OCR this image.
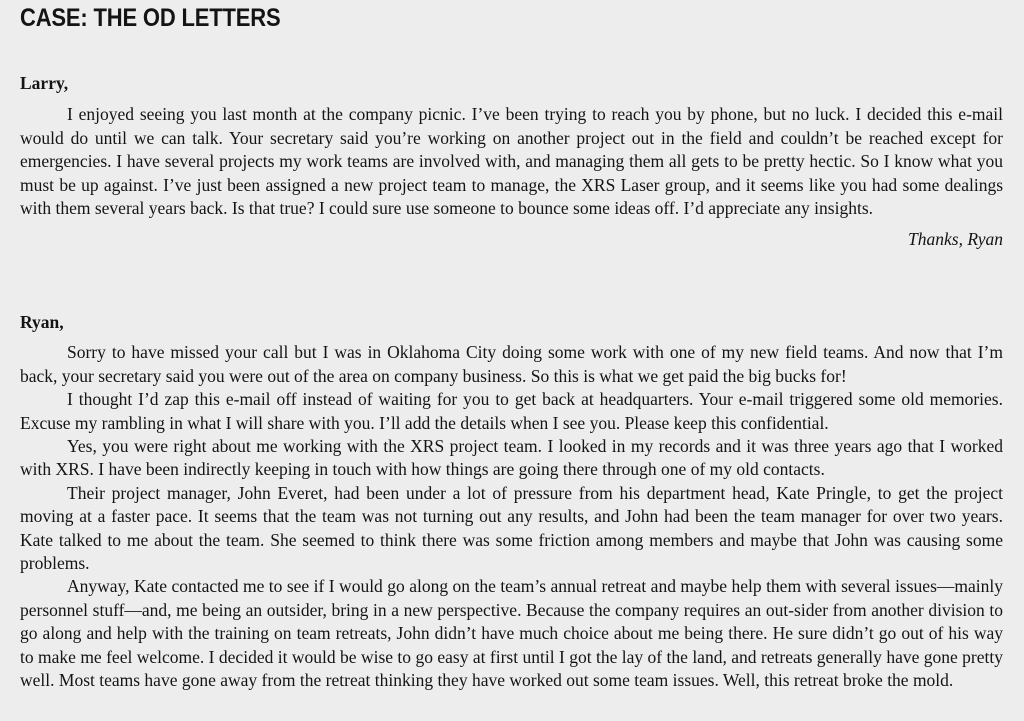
CASE: THE OD LETTERS

Larry,

I enjoyed seeing you last month at the company picnic. I’ve been trying to reach you by phone, but no luck. I decided this e-mail would do until we can talk. Your secretary said you’re working on another project out in the field and couldn’t be reached except for emergencies. I have several projects my work teams are involved with, and managing them all gets to be pretty hectic. So I know what you must be up against. I’ve just been assigned a new project team to manage, the XRS Laser group, and it seems like you had some dealings with them several years back. Is that true? I could sure use someone to bounce some ideas off. I’d appreciate any insights.

Thanks, Ryan

Ryan,

Sorry to have missed your call but I was in Oklahoma City doing some work with one of my new field teams. And now that I’m back, your secretary said you were out of the area on company business. So this is what we get paid the big bucks for!

I thought I’d zap this e-mail off instead of waiting for you to get back at headquarters. Your e-mail triggered some old memories. Excuse my rambling in what I will share with you. I’ll add the details when I see you. Please keep this confidential.

Yes, you were right about me working with the XRS project team. I looked in my records and it was three years ago that I worked with XRS. I have been indirectly keeping in touch with how things are going there through one of my old contacts.

Their project manager, John Everet, had been under a lot of pressure from his department head, Kate Pringle, to get the project moving at a faster pace. It seems that the team was not turning out any results, and John had been the team manager for over two years. Kate talked to me about the team. She seemed to think there was some friction among members and maybe that John was causing some problems.

Anyway, Kate contacted me to see if I would go along on the team’s annual retreat and maybe help them with several issues—mainly personnel stuff—and, me being an outsider, bring in a new perspective. Because the company requires an out-sider from another division to go along and help with the training on team retreats, John didn’t have much choice about me being there. He sure didn’t go out of his way to make me feel welcome. I decided it would be wise to go easy at first until I got the lay of the land, and retreats generally have gone pretty well. Most teams have gone away from the retreat thinking they have worked out some team issues. Well, this retreat broke the mold.
